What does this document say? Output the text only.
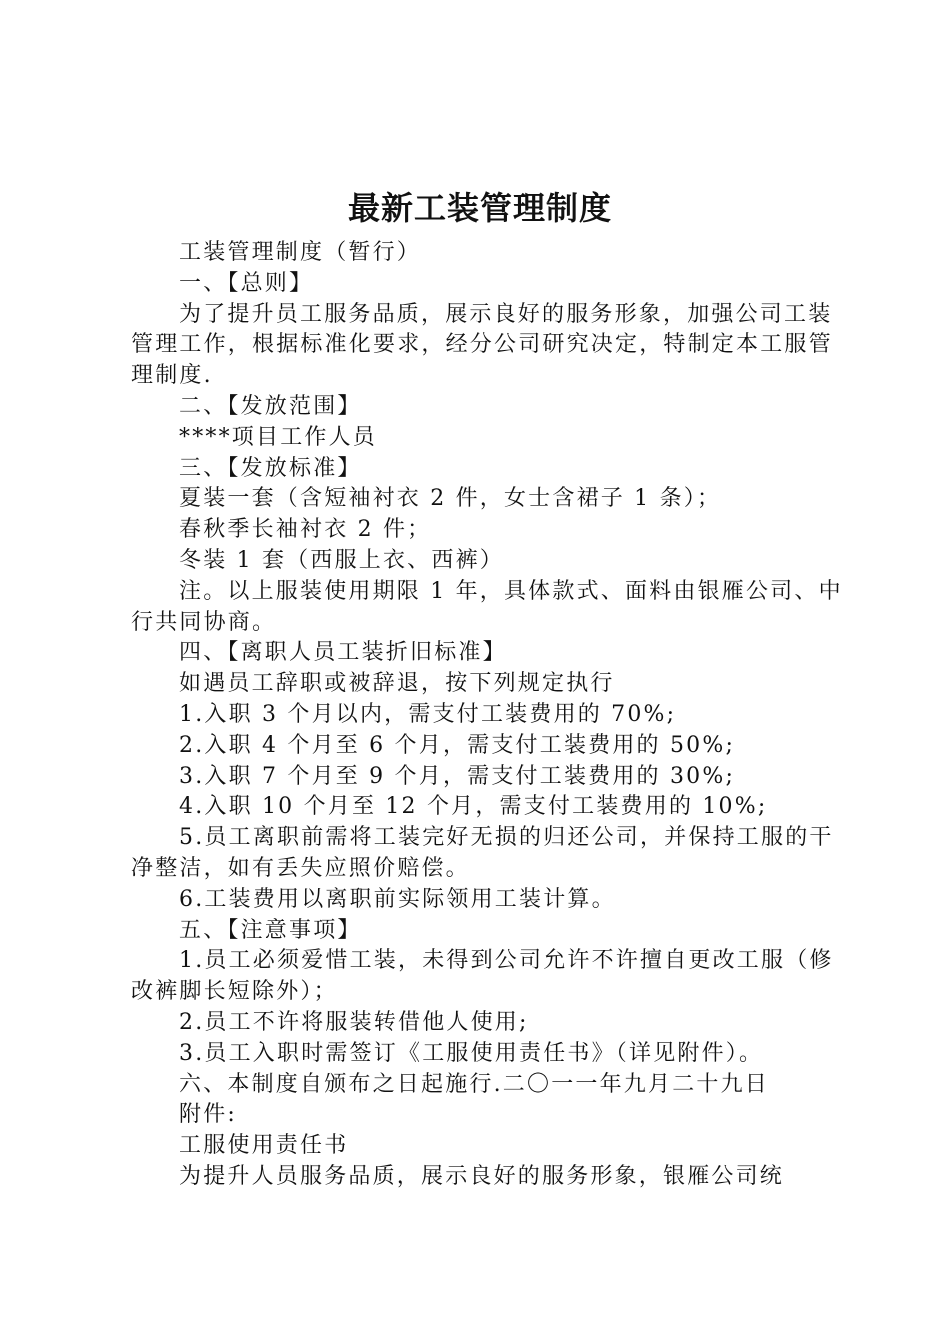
最新工装管理制度

工装管理制度（暂行）

一、【总则】

为了提升员工服务品质，展示良好的服务形象，加强公司工装管理工作，根据标准化要求，经分公司研究决定，特制定本工服管理制度.

二、【发放范围】

****项目工作人员

三、【发放标准】

夏装一套（含短袖衬衣 2 件，女士含裙子 1 条）；

春秋季长袖衬衣 2 件；

冬装 1 套（西服上衣、西裤）

注。以上服装使用期限 1 年，具体款式、面料由银雁公司、中行共同协商。

四、【离职人员工装折旧标准】

如遇员工辞职或被辞退，按下列规定执行

1.入职 3 个月以内，需支付工装费用的 70%;

2.入职 4 个月至 6 个月，需支付工装费用的 50%;

3.入职 7 个月至 9 个月，需支付工装费用的 30%;

4.入职 10 个月至 12 个月，需支付工装费用的 10%;

5.员工离职前需将工装完好无损的归还公司，并保持工服的干净整洁，如有丢失应照价赔偿。

6.工装费用以离职前实际领用工装计算。

五、【注意事项】

1.员工必须爱惜工装，未得到公司允许不许擅自更改工服（修改裤脚长短除外）；

2.员工不许将服装转借他人使用;

3.员工入职时需签订《工服使用责任书》（详见附件）。

六、本制度自颁布之日起施行.二〇一一年九月二十九日

附件:

工服使用责任书

为提升人员服务品质，展示良好的服务形象，银雁公司统
